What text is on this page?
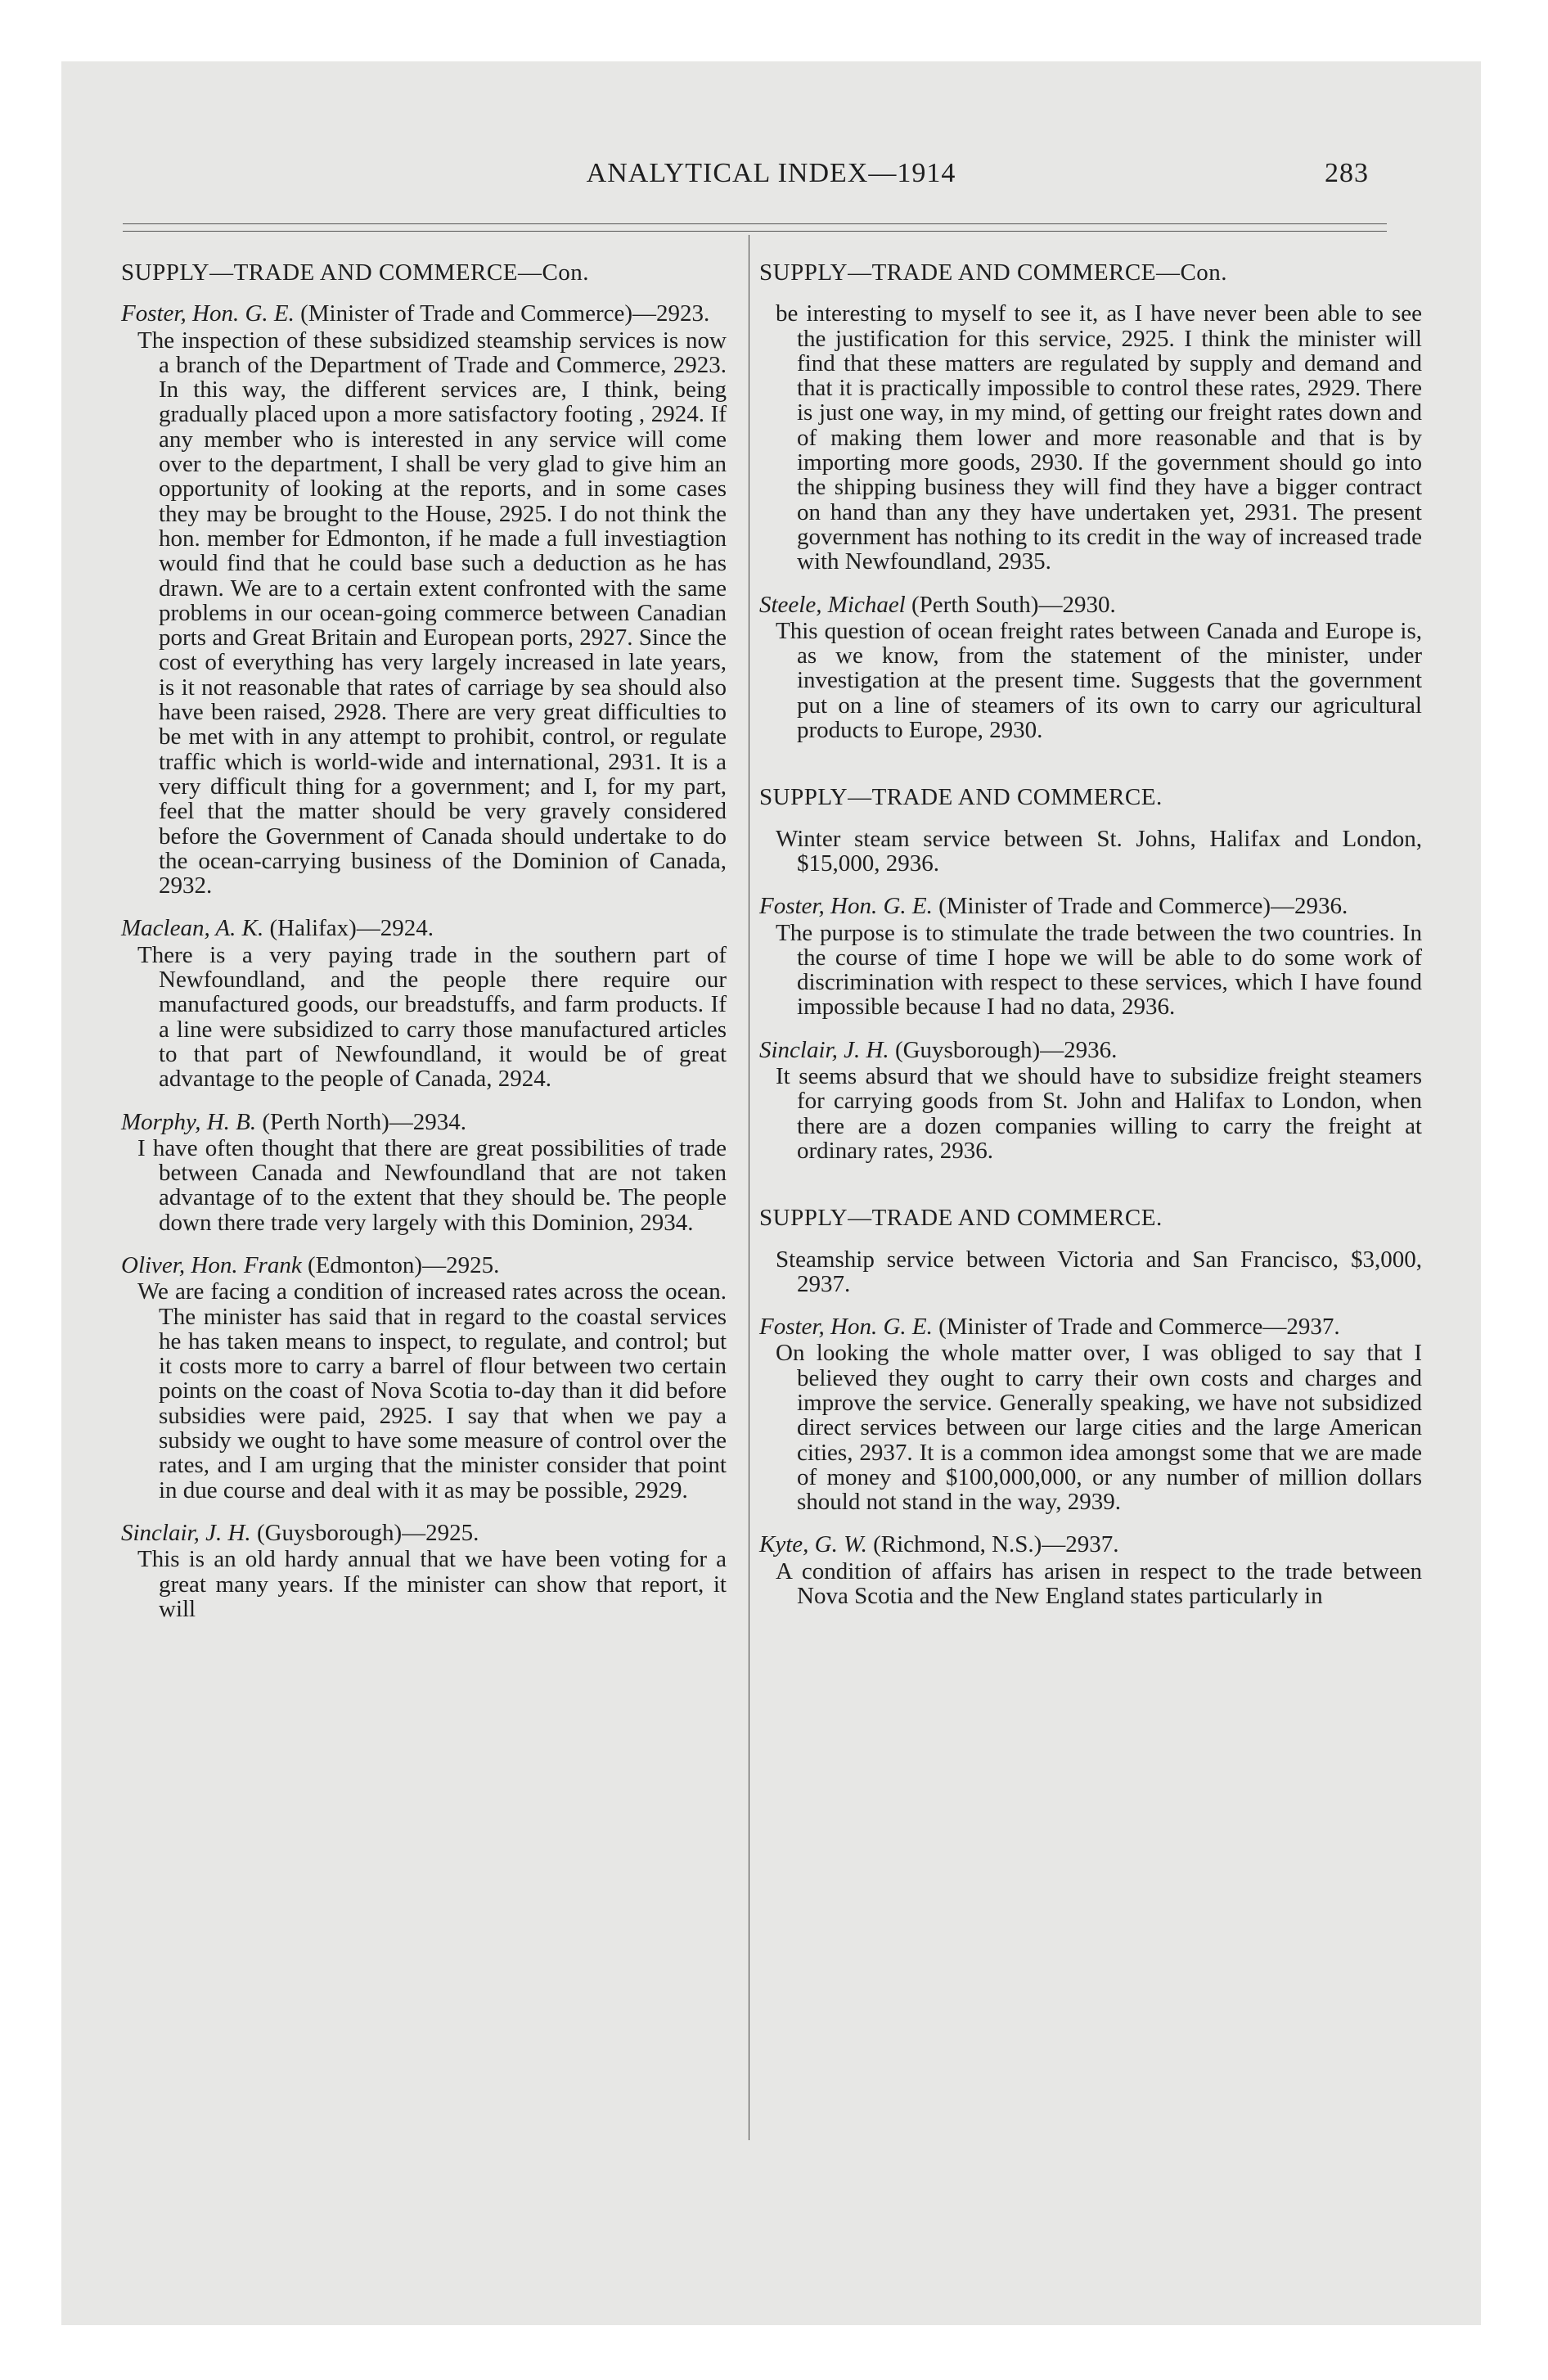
ANALYTICAL INDEX—1914	283
SUPPLY—TRADE AND COMMERCE—Con.
Foster, Hon. G. E. (Minister of Trade and Commerce)—2923.
The inspection of these subsidized steamship services is now a branch of the Department of Trade and Commerce, 2923. In this way, the different services are, I think, being gradually placed upon a more satisfactory footing , 2924. If any member who is interested in any service will come over to the department, I shall be very glad to give him an opportunity of looking at the reports, and in some cases they may be brought to the House, 2925. I do not think the hon. member for Edmonton, if he made a full investiagtion would find that he could base such a deduction as he has drawn. We are to a certain extent confronted with the same problems in our ocean-going commerce between Canadian ports and Great Britain and European ports, 2927. Since the cost of everything has very largely increased in late years, is it not reasonable that rates of carriage by sea should also have been raised, 2928. There are very great difficulties to be met with in any attempt to prohibit, control, or regulate traffic which is world-wide and international, 2931. It is a very difficult thing for a government; and I, for my part, feel that the matter should be very gravely considered before the Government of Canada should undertake to do the ocean-carrying business of the Dominion of Canada, 2932.
Maclean, A. K. (Halifax)—2924.
There is a very paying trade in the southern part of Newfoundland, and the people there require our manufactured goods, our breadstuffs, and farm products. If a line were subsidized to carry those manufactured articles to that part of Newfoundland, it would be of great advantage to the people of Canada, 2924.
Morphy, H. B. (Perth North)—2934.
I have often thought that there are great possibilities of trade between Canada and Newfoundland that are not taken advantage of to the extent that they should be. The people down there trade very largely with this Dominion, 2934.
Oliver, Hon. Frank (Edmonton)—2925.
We are facing a condition of increased rates across the ocean. The minister has said that in regard to the coastal services he has taken means to inspect, to regulate, and control; but it costs more to carry a barrel of flour between two certain points on the coast of Nova Scotia to-day than it did before subsidies were paid, 2925. I say that when we pay a subsidy we ought to have some measure of control over the rates, and I am urging that the minister consider that point in due course and deal with it as may be possible, 2929.
Sinclair, J. H. (Guysborough)—2925.
This is an old hardy annual that we have been voting for a great many years. If the minister can show that report, it will
SUPPLY—TRADE AND COMMERCE—Con.
be interesting to myself to see it, as I have never been able to see the justification for this service, 2925. I think the minister will find that these matters are regulated by supply and demand and that it is practically impossible to control these rates, 2929. There is just one way, in my mind, of getting our freight rates down and of making them lower and more reasonable and that is by importing more goods, 2930. If the government should go into the shipping business they will find they have a bigger contract on hand than any they have undertaken yet, 2931. The present government has nothing to its credit in the way of increased trade with Newfoundland, 2935.
Steele, Michael (Perth South)—2930.
This question of ocean freight rates between Canada and Europe is, as we know, from the statement of the minister, under investigation at the present time. Suggests that the government put on a line of steamers of its own to carry our agricultural products to Europe, 2930.
SUPPLY—TRADE AND COMMERCE.
Winter steam service between St. Johns, Halifax and London, $15,000, 2936.
Foster, Hon. G. E. (Minister of Trade and Commerce)—2936.
The purpose is to stimulate the trade between the two countries. In the course of time I hope we will be able to do some work of discrimination with respect to these services, which I have found impossible because I had no data, 2936.
Sinclair, J. H. (Guysborough)—2936.
It seems absurd that we should have to subsidize freight steamers for carrying goods from St. John and Halifax to London, when there are a dozen companies willing to carry the freight at ordinary rates, 2936.
SUPPLY—TRADE AND COMMERCE.
Steamship service between Victoria and San Francisco, $3,000, 2937.
Foster, Hon. G. E. (Minister of Trade and Commerce—2937.
On looking the whole matter over, I was obliged to say that I believed they ought to carry their own costs and charges and improve the service. Generally speaking, we have not subsidized direct services between our large cities and the large American cities, 2937. It is a common idea amongst some that we are made of money and $100,000,000, or any number of million dollars should not stand in the way, 2939.
Kyte, G. W. (Richmond, N.S.)—2937.
A condition of affairs has arisen in respect to the trade between Nova Scotia and the New England states particularly in
